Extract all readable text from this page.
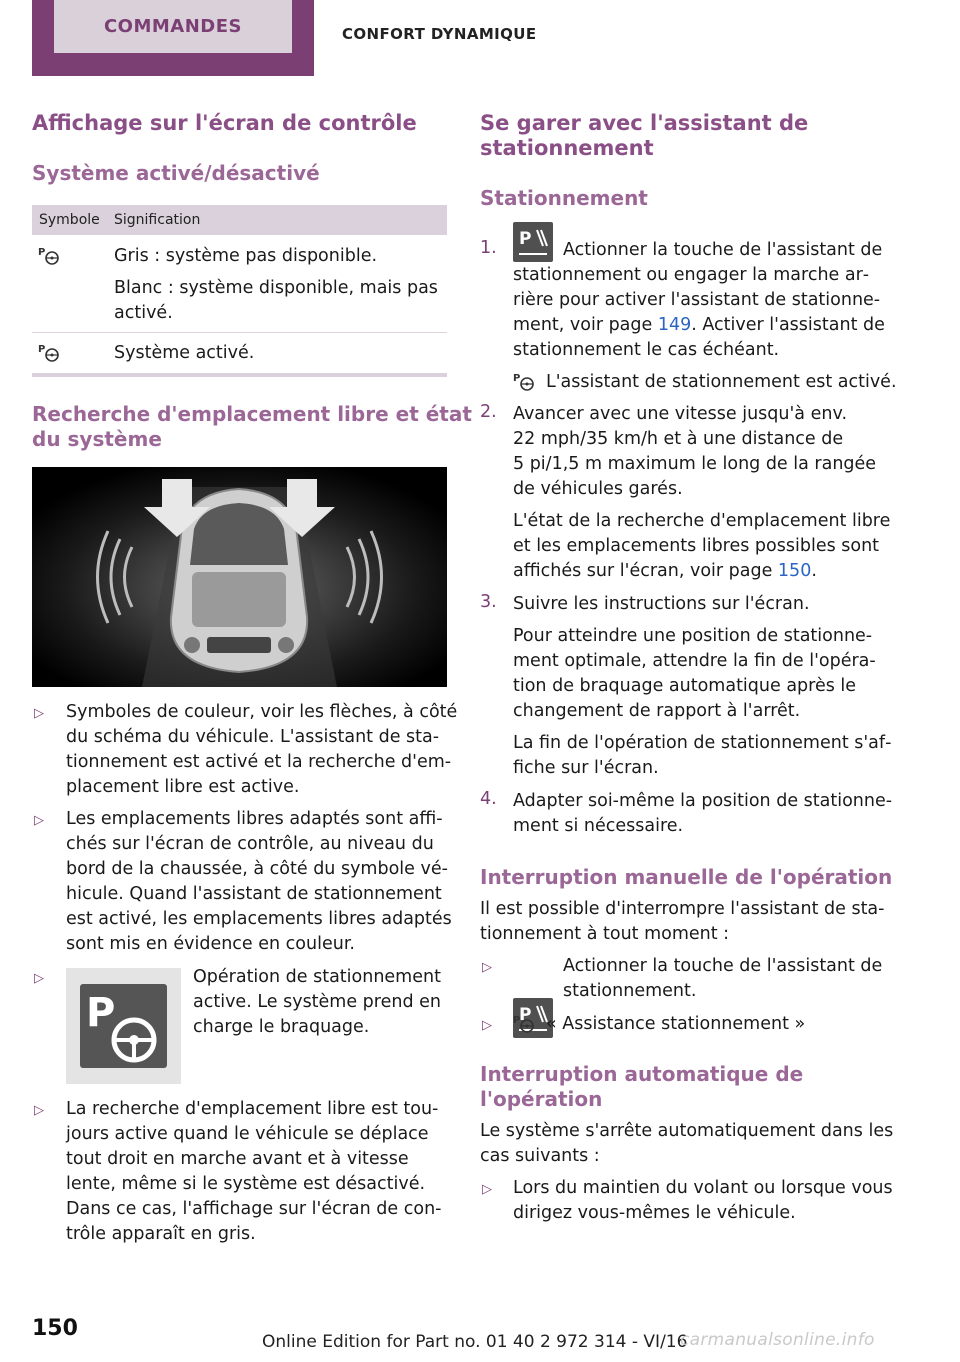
COMMANDES	CONFORT DYNAMIQUE
Affichage sur l'écran de contrôle
Système activé/désactivé
Symbole Signification
P	Gris : système pas disponible.
Blanc : système disponible, mais pas
activé.
P	Système activé.
Recherche d'emplacement libre et état
du système
▷ Symboles de couleur, voir les flèches, à côté
du schéma du véhicule. L'assistant de sta‐
tionnement est activé et la recherche d'em‐
placement libre est active.
▷ Les emplacements libres adaptés sont affi‐
chés sur l'écran de contrôle, au niveau du
bord de la chaussée, à côté du symbole vé‐
hicule. Quand l'assistant de stationnement
est activé, les emplacements libres adaptés
sont mis en évidence en couleur.
▷
P
Opération de stationnement
active. Le système prend en
charge le braquage.
▷ La recherche d'emplacement libre est tou‐
jours active quand le véhicule se déplace
tout droit en marche avant et à vitesse
lente, même si le système est désactivé.
Dans ce cas, l'affichage sur l'écran de con‐
trôle apparaît en gris.
Se garer avec l'assistant de
stationnement
Stationnement
1. P
Actionner la touche de l'assistant de
stationnement ou engager la marche ar‐
rière pour activer l'assistant de stationne‐
ment, voir page 149. Activer l'assistant de
stationnement le cas échéant.
P L'assistant de stationnement est activé.
2. Avancer avec une vitesse jusqu'à env.
22 mph/35 km/h et à une distance de
5 pi/1,5 m maximum le long de la rangée
de véhicules garés.
L'état de la recherche d'emplacement libre
et les emplacements libres possibles sont
affichés sur l'écran, voir page 150.
3. Suivre les instructions sur l'écran.
Pour atteindre une position de stationne‐
ment optimale, attendre la fin de l'opéra‐
tion de braquage automatique après le
changement de rapport à l'arrêt.
La fin de l'opération de stationnement s'af‐
fiche sur l'écran.
4. Adapter soi-même la position de stationne‐
ment si nécessaire.
Interruption manuelle de l'opération
Il est possible d'interrompre l'assistant de sta‐
tionnement à tout moment :
▷
P
Actionner la touche de l'assistant de
stationnement.
▷ P « Assistance stationnement »
Interruption automatique de
l'opération
Le système s'arrête automatiquement dans les
cas suivants :
▷ Lors du maintien du volant ou lorsque vous
dirigez vous-mêmes le véhicule.
150
Online Edition for Part no. 01 40 2 972 314 - VI/16
carmanualsonline.info
